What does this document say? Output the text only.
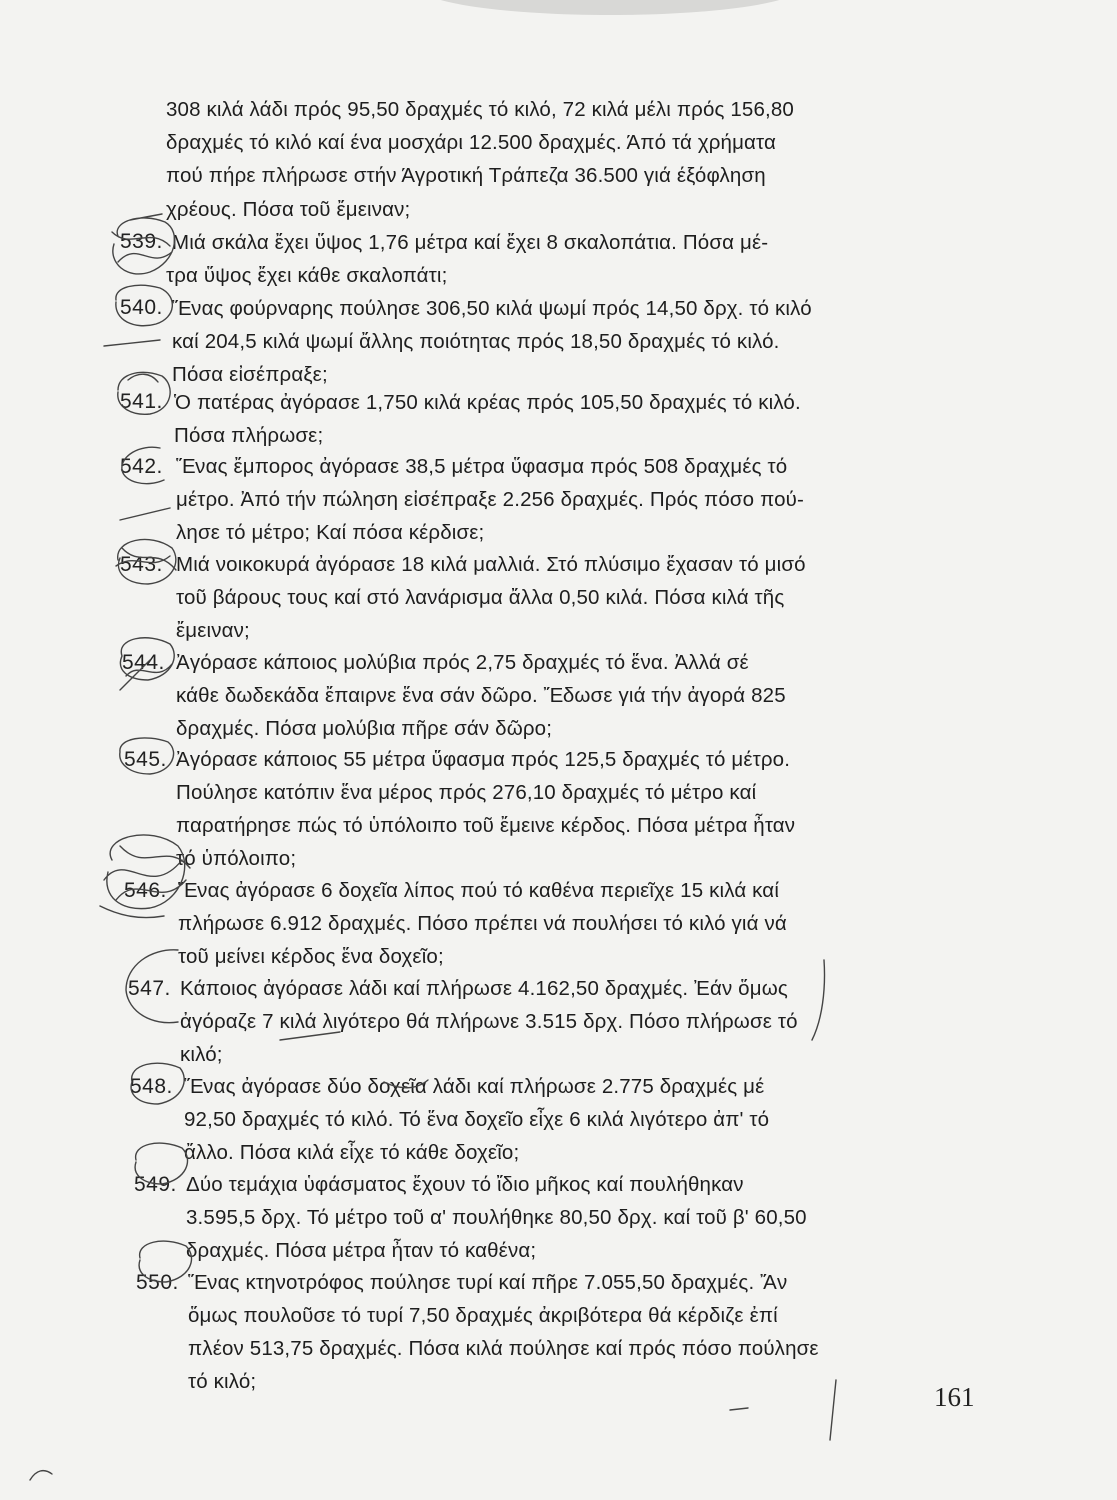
308 κιλά λάδι πρός 95,50 δραχμές τό κιλό, 72 κιλά μέλι πρός 156,80
δραχμές τό κιλό καί ένα μοσχάρι 12.500 δραχμές. Άπό τά χρήματα
πού πήρε πλήρωσε στήν Άγροτική Τράπεζα 36.500 γιά έξόφληση
χρέους. Πόσα τοῦ ἔμειναν;
539. Μιά σκάλα ἔχει ὕψος 1,76 μέτρα καί ἔχει 8 σκαλοπάτια. Πόσα μέ-
τρα ὕψος ἔχει κάθε σκαλοπάτι;
540. Ἕνας φούρναρης πούλησε 306,50 κιλά ψωμί πρός 14,50 δρχ. τό κιλό
καί 204,5 κιλά ψωμί ἄλλης ποιότητας πρός 18,50 δραχμές τό κιλό.
Πόσα εἰσέπραξε;
541. Ὁ πατέρας ἀγόρασε 1,750 κιλά κρέας πρός 105,50 δραχμές τό κιλό.
Πόσα πλήρωσε;
542. Ἕνας ἔμπορος ἀγόρασε 38,5 μέτρα ὕφασμα πρός 508 δραχμές τό
μέτρο. Ἀπό τήν πώληση εἰσέπραξε 2.256 δραχμές. Πρός πόσο πού-
λησε τό μέτρο; Καί πόσα κέρδισε;
543. Μιά νοικοκυρά ἀγόρασε 18 κιλά μαλλιά. Στό πλύσιμο ἔχασαν τό μισό
τοῦ βάρους τους καί στό λανάρισμα ἄλλα 0,50 κιλά. Πόσα κιλά τῆς
ἔμειναν;
544. Ἀγόρασε κάποιος μολύβια πρός 2,75 δραχμές τό ἕνα. Ἀλλά σέ
κάθε δωδεκάδα ἔπαιρνε ἕνα σάν δῶρο. Ἔδωσε γιά τήν ἀγορά 825
δραχμές. Πόσα μολύβια πῆρε σάν δῶρο;
545. Ἀγόρασε κάποιος 55 μέτρα ὕφασμα πρός 125,5 δραχμές τό μέτρο.
Πούλησε κατόπιν ἕνα μέρος πρός 276,10 δραχμές τό μέτρο καί
παρατήρησε πώς τό ὑπόλοιπο τοῦ ἔμεινε κέρδος. Πόσα μέτρα ἦταν
τό ὑπόλοιπο;
546. Ἕνας ἀγόρασε 6 δοχεῖα λίπος πού τό καθένα περιεῖχε 15 κιλά καί
πλήρωσε 6.912 δραχμές. Πόσο πρέπει νά πουλήσει τό κιλό γιά νά
τοῦ μείνει κέρδος ἕνα δοχεῖο;
547. Κάποιος ἀγόρασε λάδι καί πλήρωσε 4.162,50 δραχμές. Ἐάν ὅμως
ἀγόραζε 7 κιλά λιγότερο θά πλήρωνε 3.515 δρχ. Πόσο πλήρωσε τό
κιλό;
548. Ἕνας ἀγόρασε δύο δοχεῖα λάδι καί πλήρωσε 2.775 δραχμές μέ
92,50 δραχμές τό κιλό. Τό ἕνα δοχεῖο εἶχε 6 κιλά λιγότερο ἀπ' τό
ἄλλο. Πόσα κιλά εἶχε τό κάθε δοχεῖο;
549. Δύο τεμάχια ὑφάσματος ἔχουν τό ἴδιο μῆκος καί πουλήθηκαν
3.595,5 δρχ. Τό μέτρο τοῦ α' πουλήθηκε 80,50 δρχ. καί τοῦ β' 60,50
δραχμές. Πόσα μέτρα ἦταν τό καθένα;
550. Ἕνας κτηνοτρόφος πούλησε τυρί καί πῆρε 7.055,50 δραχμές. Ἄν
ὅμως πουλοῦσε τό τυρί 7,50 δραχμές ἀκριβότερα θά κέρδιζε ἐπί
πλέον 513,75 δραχμές. Πόσα κιλά πούλησε καί πρός πόσο πούλησε
τό κιλό;
161
